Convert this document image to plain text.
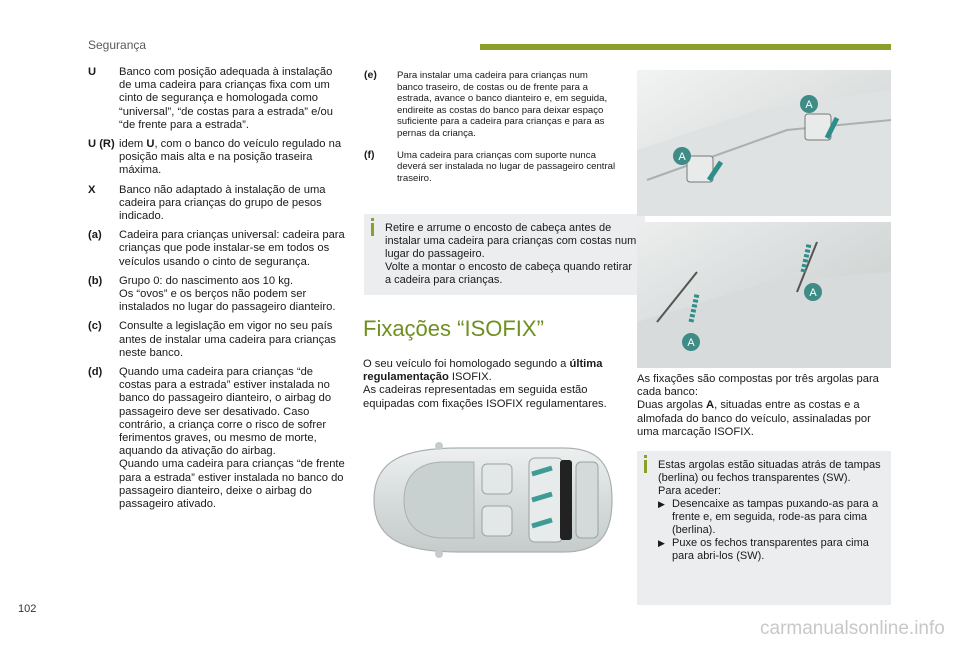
Segurança
U	Banco com posição adequada à instalação de uma cadeira para crianças fixa com um cinto de segurança e homologada como “universal”, “de costas para a estrada” e/ou “de frente para a estrada”.
U (R) idem U, com o banco do veículo regulado na posição mais alta e na posição traseira máxima.
X	Banco não adaptado à instalação de uma cadeira para crianças do grupo de pesos indicado.
(a)	Cadeira para crianças universal: cadeira para crianças que pode instalar-se em todos os veículos usando o cinto de segurança.
(b)	Grupo 0: do nascimento aos 10 kg.
Os “ovos” e os berços não podem ser instalados no lugar do passageiro dianteiro.
(c)	Consulte a legislação em vigor no seu país antes de instalar uma cadeira para crianças neste banco.
(d)	Quando uma cadeira para crianças “de costas para a estrada” estiver instalada no banco do passageiro dianteiro, o airbag do passageiro deve ser desativado. Caso contrário, a criança corre o risco de sofrer ferimentos graves, ou mesmo de morte, aquando da ativação do airbag.
Quando uma cadeira para crianças “de frente para a estrada” estiver instalada no banco do passageiro dianteiro, deixe o airbag do passageiro ativado.
(e)	Para instalar uma cadeira para crianças num banco traseiro, de costas ou de frente para a estrada, avance o banco dianteiro e, em seguida, endireite as costas do banco para deixar espaço suficiente para a cadeira para crianças e para as pernas da criança.
(f)	Uma cadeira para crianças com suporte nunca deverá ser instalada no lugar de passageiro central traseiro.
Retire e arrume o encosto de cabeça antes de instalar uma cadeira para crianças com costas num lugar do passageiro.
Volte a montar o encosto de cabeça quando retirar a cadeira para crianças.
Fixações “ISOFIX”
O seu veículo foi homologado segundo a última regulamentação ISOFIX.
As cadeiras representadas em seguida estão equipadas com fixações ISOFIX regulamentares.
A
A
A
A
As fixações são compostas por três argolas para cada banco:
Duas argolas A, situadas entre as costas e a almofada do banco do veículo, assinaladas por uma marcação ISOFIX.
Estas argolas estão situadas atrás de tampas (berlina) ou fechos transparentes (SW).
Para aceder:
▶ Desencaixe as tampas puxando-as para a frente e, em seguida, rode-as para cima (berlina).
▶ Puxe os fechos transparentes para cima para abri-los (SW).
102
carmanualsonline.info
